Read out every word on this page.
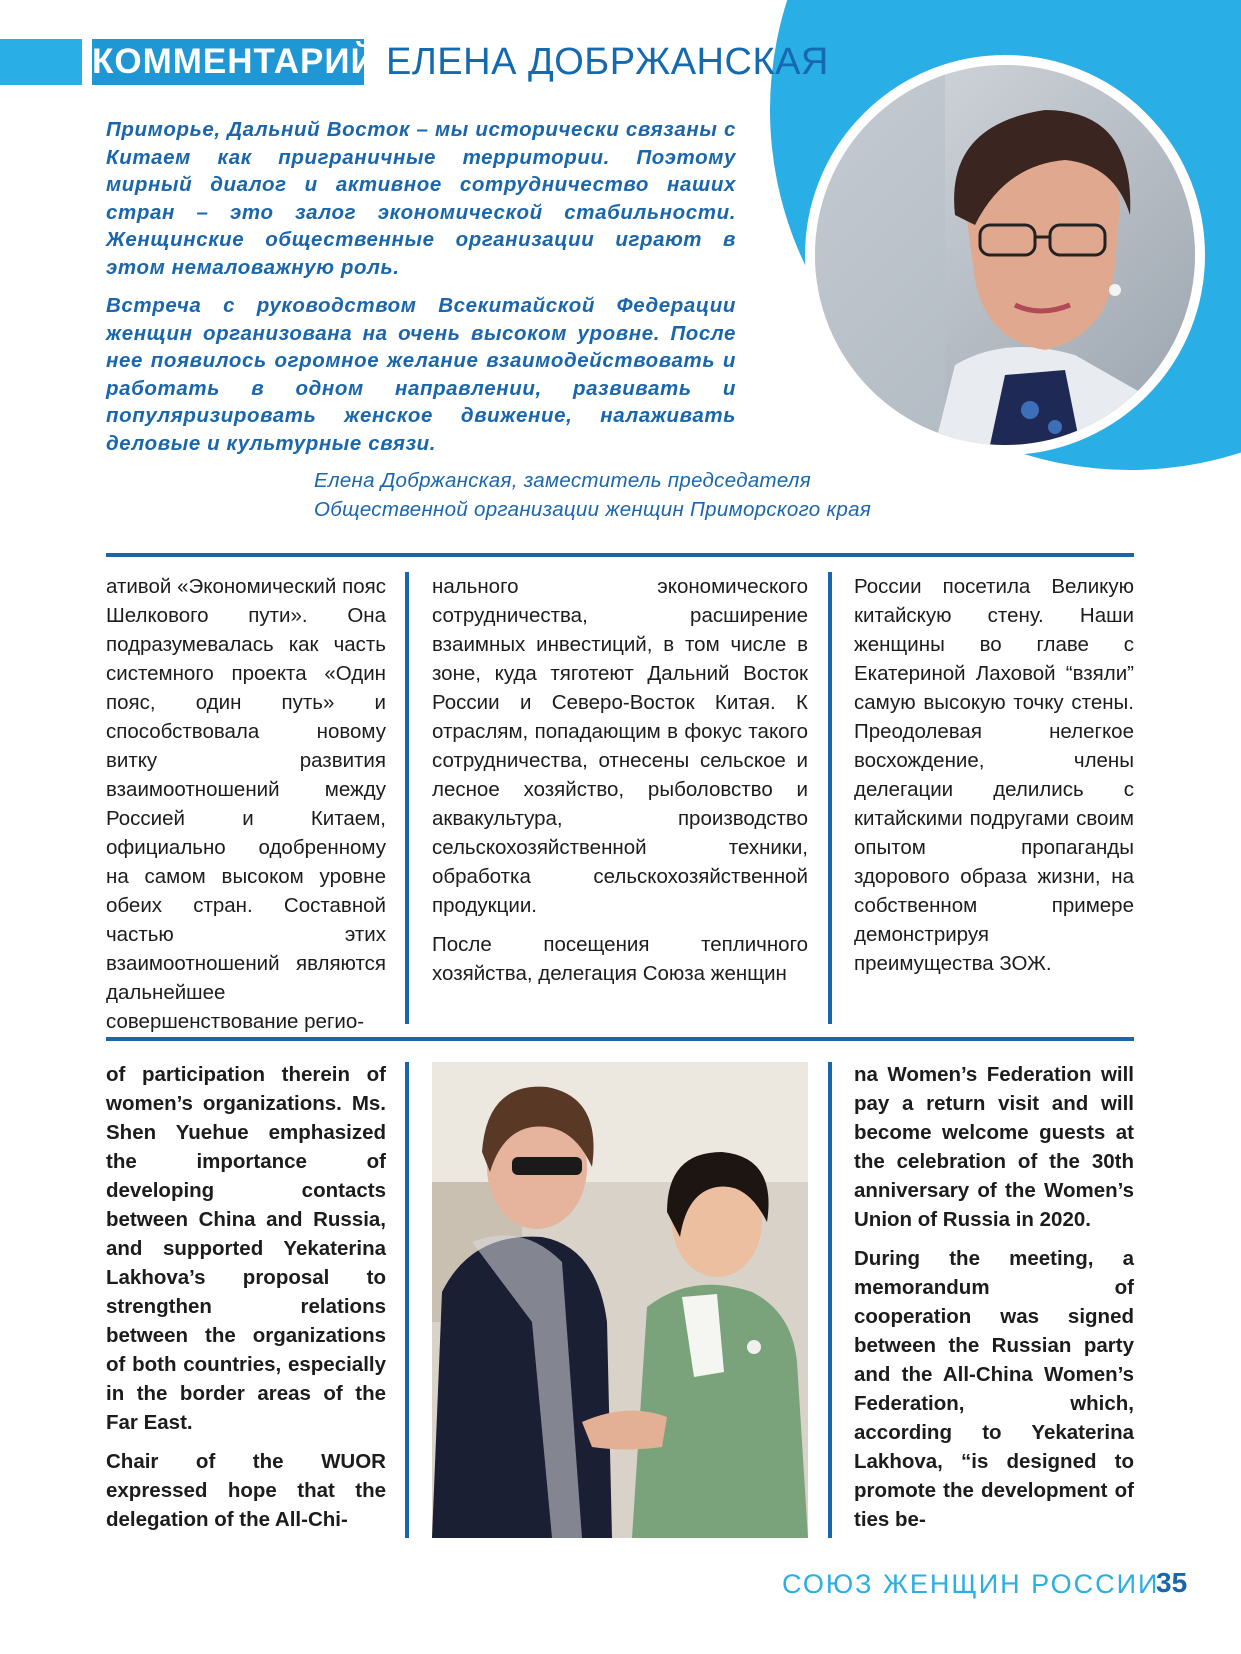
КОММЕНТАРИЙ ЕЛЕНА ДОБРЖАНСКАЯ

Приморье, Дальний Восток – мы исторически связаны с Китаем как приграничные территории. Поэтому мирный диалог и активное сотрудничество наших стран – это залог экономической стабильности. Женщинские общественные организации играют в этом немаловажную роль.

Встреча с руководством Всекитайской Федерации женщин организована на очень высоком уровне. После нее появилось огромное желание взаимодействовать и работать в одном направлении, развивать и популяризировать женское движение, налаживать деловые и культурные связи.

Елена Добржанская, заместитель председателя
Общественной организации женщин Приморского края

ативой «Экономический пояс Шелкового пути». Она подразумевалась как часть системного проекта «Один пояс, один путь» и способствовала новому витку развития взаимоотношений между Россией и Китаем, официально одобренному на самом высоком уровне обеих стран. Составной частью этих взаимоотношений являются дальнейшее совершенствование регио-

нального экономического сотрудничества, расширение взаимных инвестиций, в том числе в зоне, куда тяготеют Дальний Восток России и Северо-Восток Китая. К отраслям, попадающим в фокус такого сотрудничества, отнесены сельское и лесное хозяйство, рыболовство и аквакультура, производство сельскохозяйственной техники, обработка сельскохозяйственной продукции.

После посещения тепличного хозяйства, делегация Союза женщин

России посетила Великую китайскую стену. Наши женщины во главе с Екатериной Лаховой “взяли” самую высокую точку стены. Преодолевая нелегкое восхождение, члены делегации делились с китайскими подругами своим опытом пропаганды здорового образа жизни, на собственном примере демонстрируя преимущества ЗОЖ.

of participation therein of women’s organizations. Ms. Shen Yuehue emphasized the importance of developing contacts between China and Russia, and supported Yekaterina Lakhova’s proposal to strengthen relations between the organizations of both countries, especially in the border areas of the Far East.

Chair of the WUOR expressed hope that the delegation of the All-Chi-

na Women’s Federation will pay a return visit and will become welcome guests at the celebration of the 30th anniversary of the Women’s Union of Russia in 2020.

During the meeting, a memorandum of cooperation was signed between the Russian party and the All-China Women’s Federation, which, according to Yekaterina Lakhova, “is designed to promote the development of ties be-

СОЮЗ ЖЕНЩИН РОССИИ
35
